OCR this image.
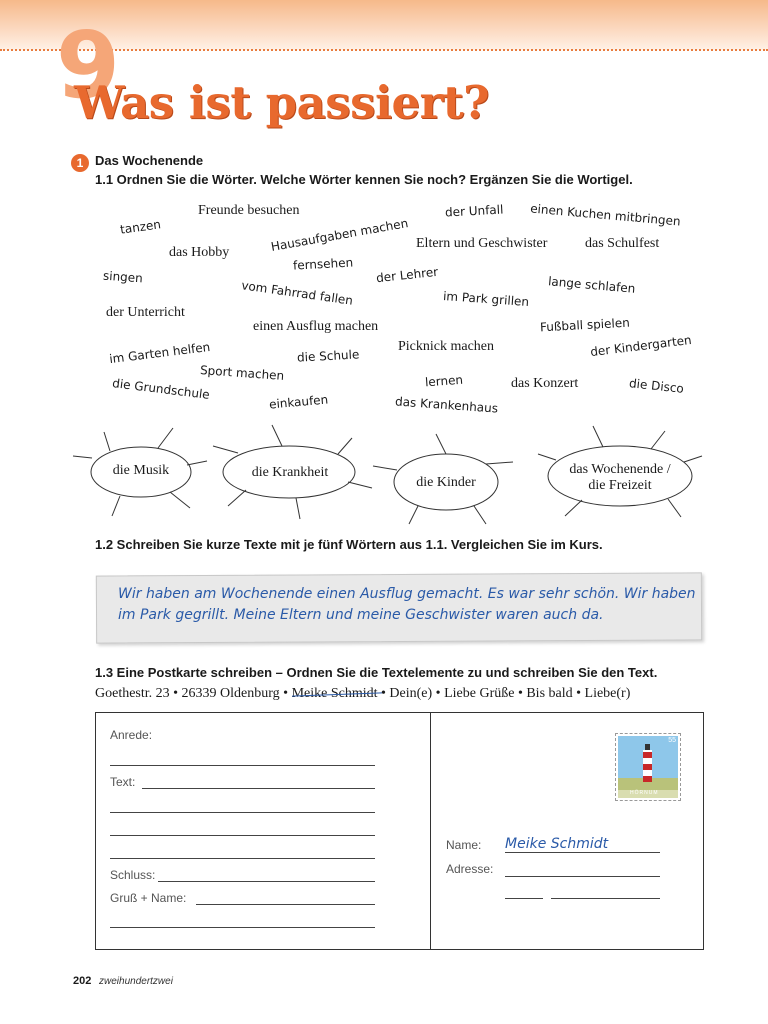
9
Was ist passiert?
1 Das Wochenende
1.1 Ordnen Sie die Wörter. Welche Wörter kennen Sie noch? Ergänzen Sie die Wortigel.
Freunde besuchen	der Unfall einen Kuchen mitbringen
tanzen	Hausaufgaben machen
das Hobby
Eltern und Geschwister	das Schulfest
fernsehen
singen	der Lehrer	lange schlafen
vom Fahrrad fallen	im Park grillen
der Unterricht
einen Ausflug machen	Fußball spielen
Picknick machen	der Kindergarten
im Garten helfen	die Schule
Sport machen	lernen	das Konzert	die Disco
die Grundschule
einkaufen	das Krankenhaus
die Musik	die Krankheit
die Kinder
das Wochenende /
die Freizeit
1.2 Schreiben Sie kurze Texte mit je fünf Wörtern aus 1.1. Vergleichen Sie im Kurs.
Wir haben am Wochenende einen Ausflug gemacht. Es war sehr schön. Wir haben im Park gegrillt. Meine Eltern und meine Geschwister waren auch da.
1.3 Eine Postkarte schreiben – Ordnen Sie die Textelemente zu und schreiben Sie den Text.
Goethestr. 23 • 26339 Oldenburg • Meike Schmidt • Dein(e) • Liebe Grüße • Bis bald • Liebe(r)
Anrede:
Text:
Schluss:
Gruß + Name:
HÖRNUM
55
Name: Meike Schmidt
Adresse:
202 zweihundertzwei
